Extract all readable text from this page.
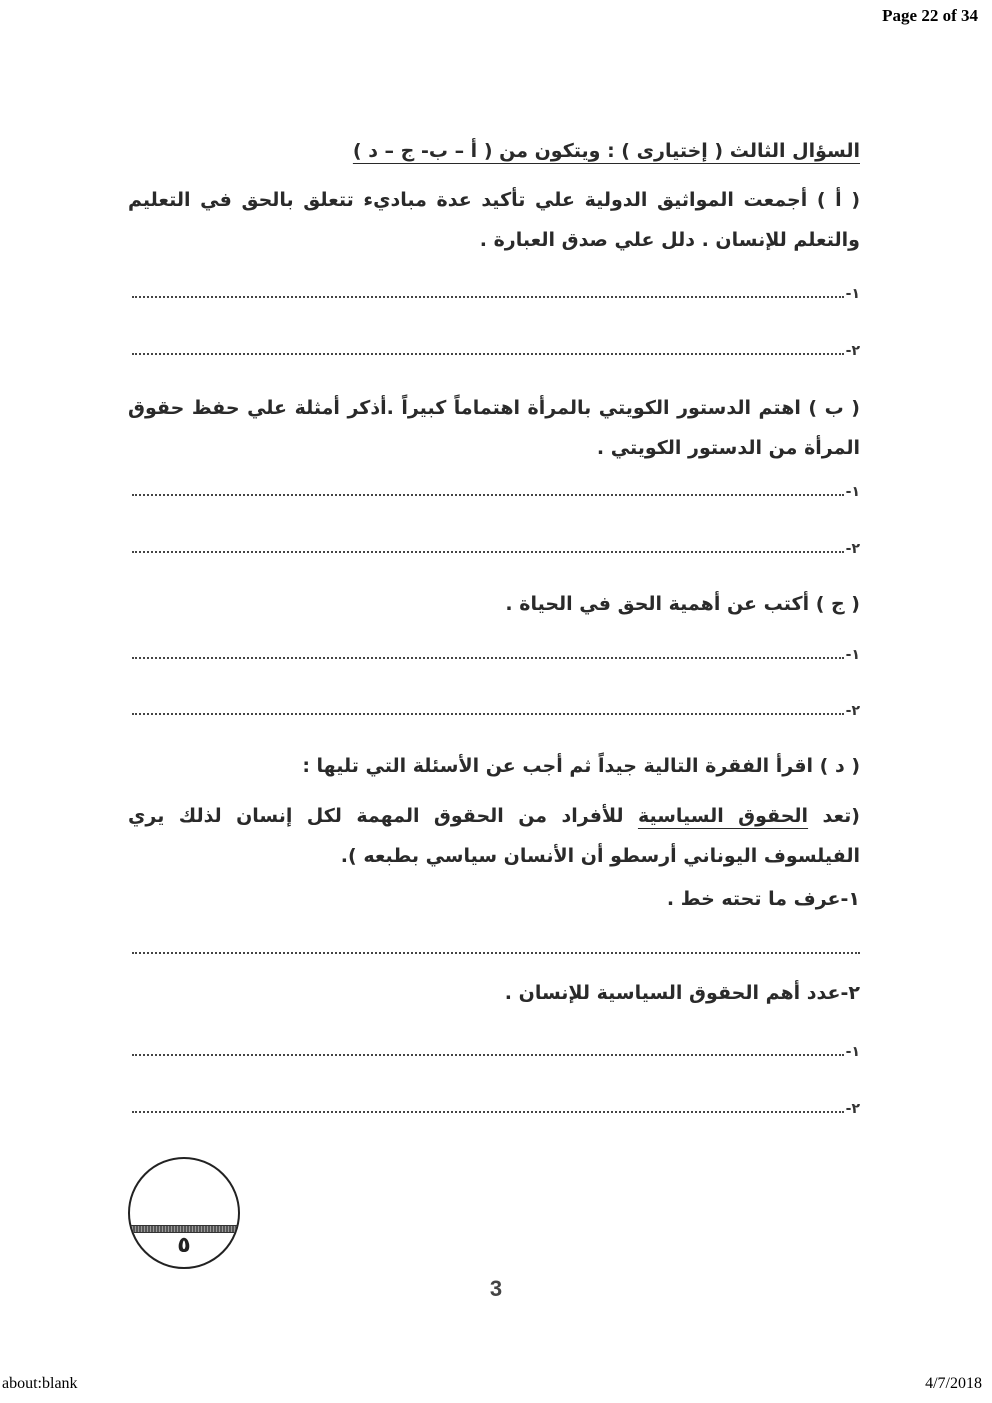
Page 22 of 34

السؤال الثالث ( إختيارى ) : ويتكون من ( أ – ب- ج – د )

( أ ) أجمعت المواثيق الدولية علي تأكيد عدة مباديء تتعلق بالحق في التعليم والتعلم للإنسان . دلل علي صدق العبارة .

١-
٢-

( ب ) اهتم الدستور الكويتي بالمرأة اهتماماً كبيراً .أذكر أمثلة علي حفظ حقوق المرأة من الدستور الكويتي .

١-
٢-

( ج ) أكتب عن أهمية الحق في الحياة .

١-
٢-

( د ) اقرأ الفقرة التالية جيداً ثم أجب عن الأسئلة التي تليها :

(تعد الحقوق السياسية للأفراد من الحقوق المهمة لكل إنسان لذلك يري الفيلسوف اليوناني أرسطو أن الأنسان سياسي بطبعه ).

١-عرف ما تحته خط .

٢-عدد أهم الحقوق السياسية للإنسان .

١-
٢-
٥
3
about:blank	4/7/2018
